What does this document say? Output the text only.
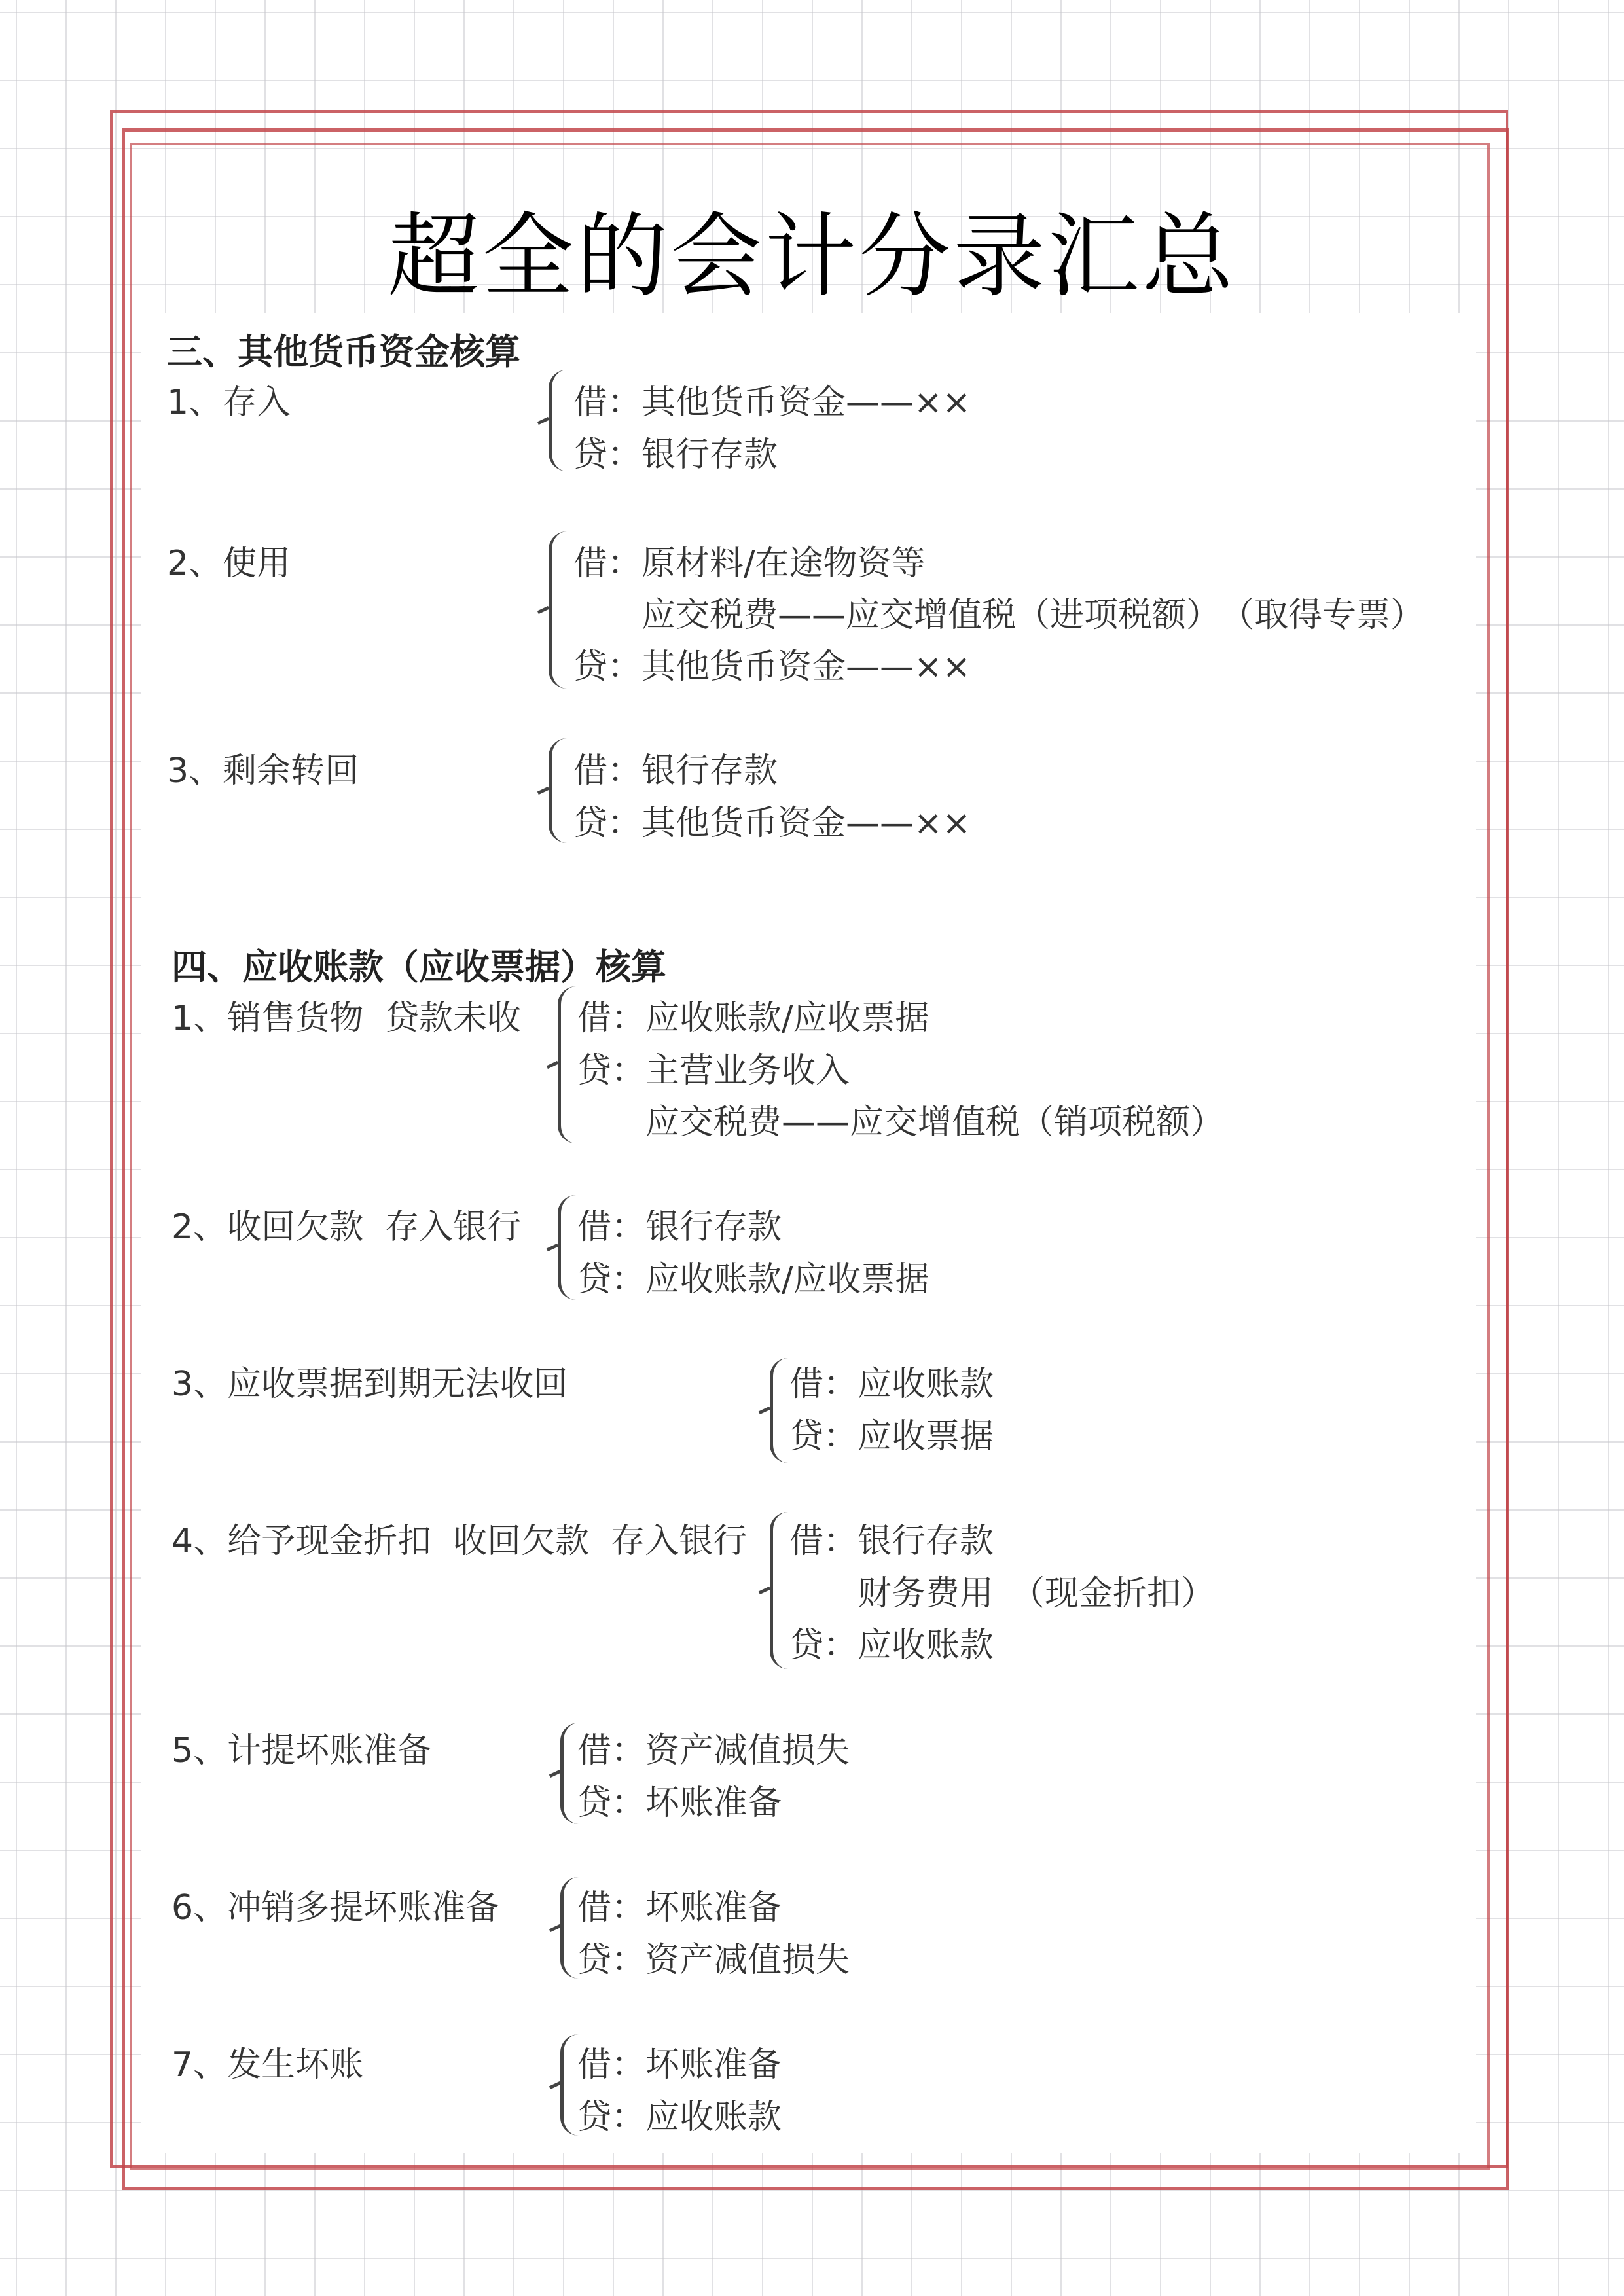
超全的会计分录汇总
三、其他货币资金核算
1、存入	借：其他货币资金——××
贷：银行存款
2、使用	借：原材料/在途物资等
　　应交税费——应交增值税（进项税额）　（取得专票）
贷：其他货币资金——××
3、剩余转回	借：银行存款
贷：其他货币资金——××
四、应收账款（应收票据）核算
1、销售货物  贷款未收 借：应收账款/应收票据
贷：主营业务收入
　　应交税费——应交增值税（销项税额）
2、收回欠款  存入银行 借：银行存款
贷：应收账款/应收票据
3、应收票据到期无法收回	借：应收账款
贷：应收票据
4、给予现金折扣  收回欠款  存入银行 借：银行存款
　　财务费用　（现金折扣）
贷：应收账款
5、计提坏账准备	借：资产减值损失
贷：坏账准备
6、冲销多提坏账准备 借：坏账准备
贷：资产减值损失
7、发生坏账	借：坏账准备
贷：应收账款
